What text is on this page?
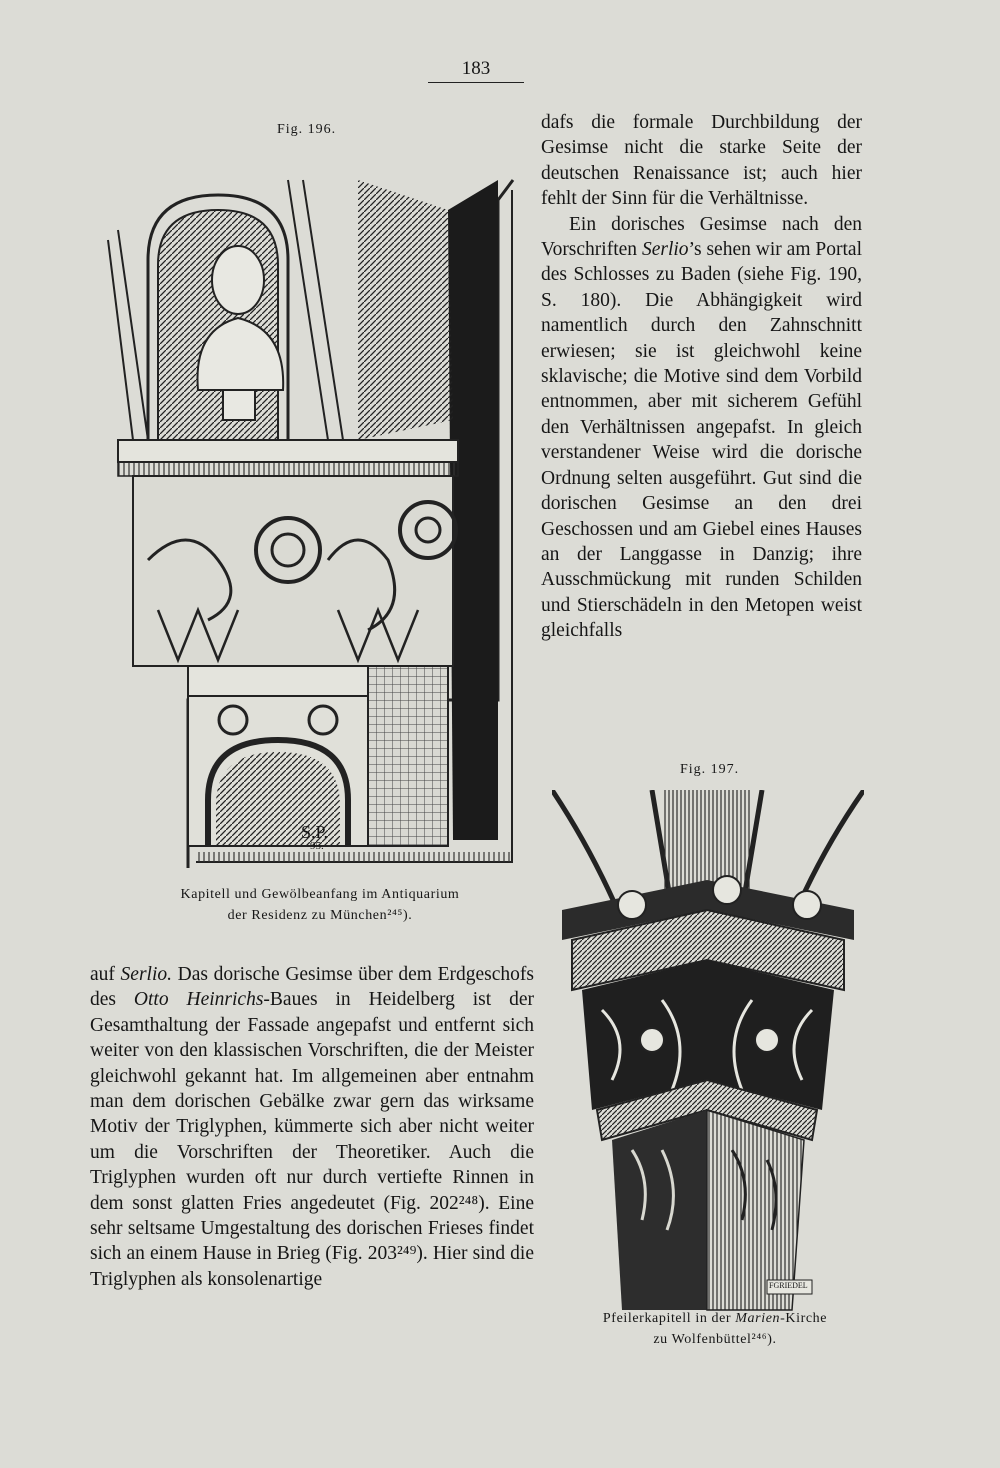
183
Fig. 196.
S.P.
95.
Kapitell und Gewölbeanfang im Antiquarium
der Residenz zu München²⁴⁵).

dafs die formale Durchbildung der Gesimse nicht die starke Seite der deutschen Renaissance ist; auch hier fehlt der Sinn für die Verhältnisse.

Ein dorisches Gesimse nach den Vorschriften Serlio’s sehen wir am Portal des Schlosses zu Baden (siehe Fig. 190, S. 180). Die Abhängigkeit wird namentlich durch den Zahnschnitt erwiesen; sie ist gleichwohl keine sklavische; die Motive sind dem Vorbild entnommen, aber mit sicherem Gefühl den Verhältnissen angepafst. In gleich verstandener Weise wird die dorische Ordnung selten ausgeführt. Gut sind die dorischen Gesimse an den drei Geschossen und am Giebel eines Hauses an der Langgasse in Danzig; ihre Ausschmückung mit runden Schilden und Stierschädeln in den Metopen weist gleichfalls

Fig. 197.
FGRIEDEL
Pfeilerkapitell in der Marien-Kirche
zu Wolfenbüttel²⁴⁶).

auf Serlio. Das dorische Gesimse über dem Erdgeschofs des Otto Heinrichs-Baues in Heidelberg ist der Gesamthaltung der Fassade angepafst und entfernt sich weiter von den klassischen Vorschriften, die der Meister gleichwohl gekannt hat. Im allgemeinen aber entnahm man dem dorischen Gebälke zwar gern das wirksame Motiv der Triglyphen, kümmerte sich aber nicht weiter um die Vorschriften der Theoretiker. Auch die Triglyphen wurden oft nur durch vertiefte Rinnen in dem sonst glatten Fries angedeutet (Fig. 202²⁴⁸). Eine sehr seltsame Umgestaltung des dorischen Frieses findet sich an einem Hause in Brieg (Fig. 203²⁴⁹). Hier sind die Triglyphen als konsolenartige
